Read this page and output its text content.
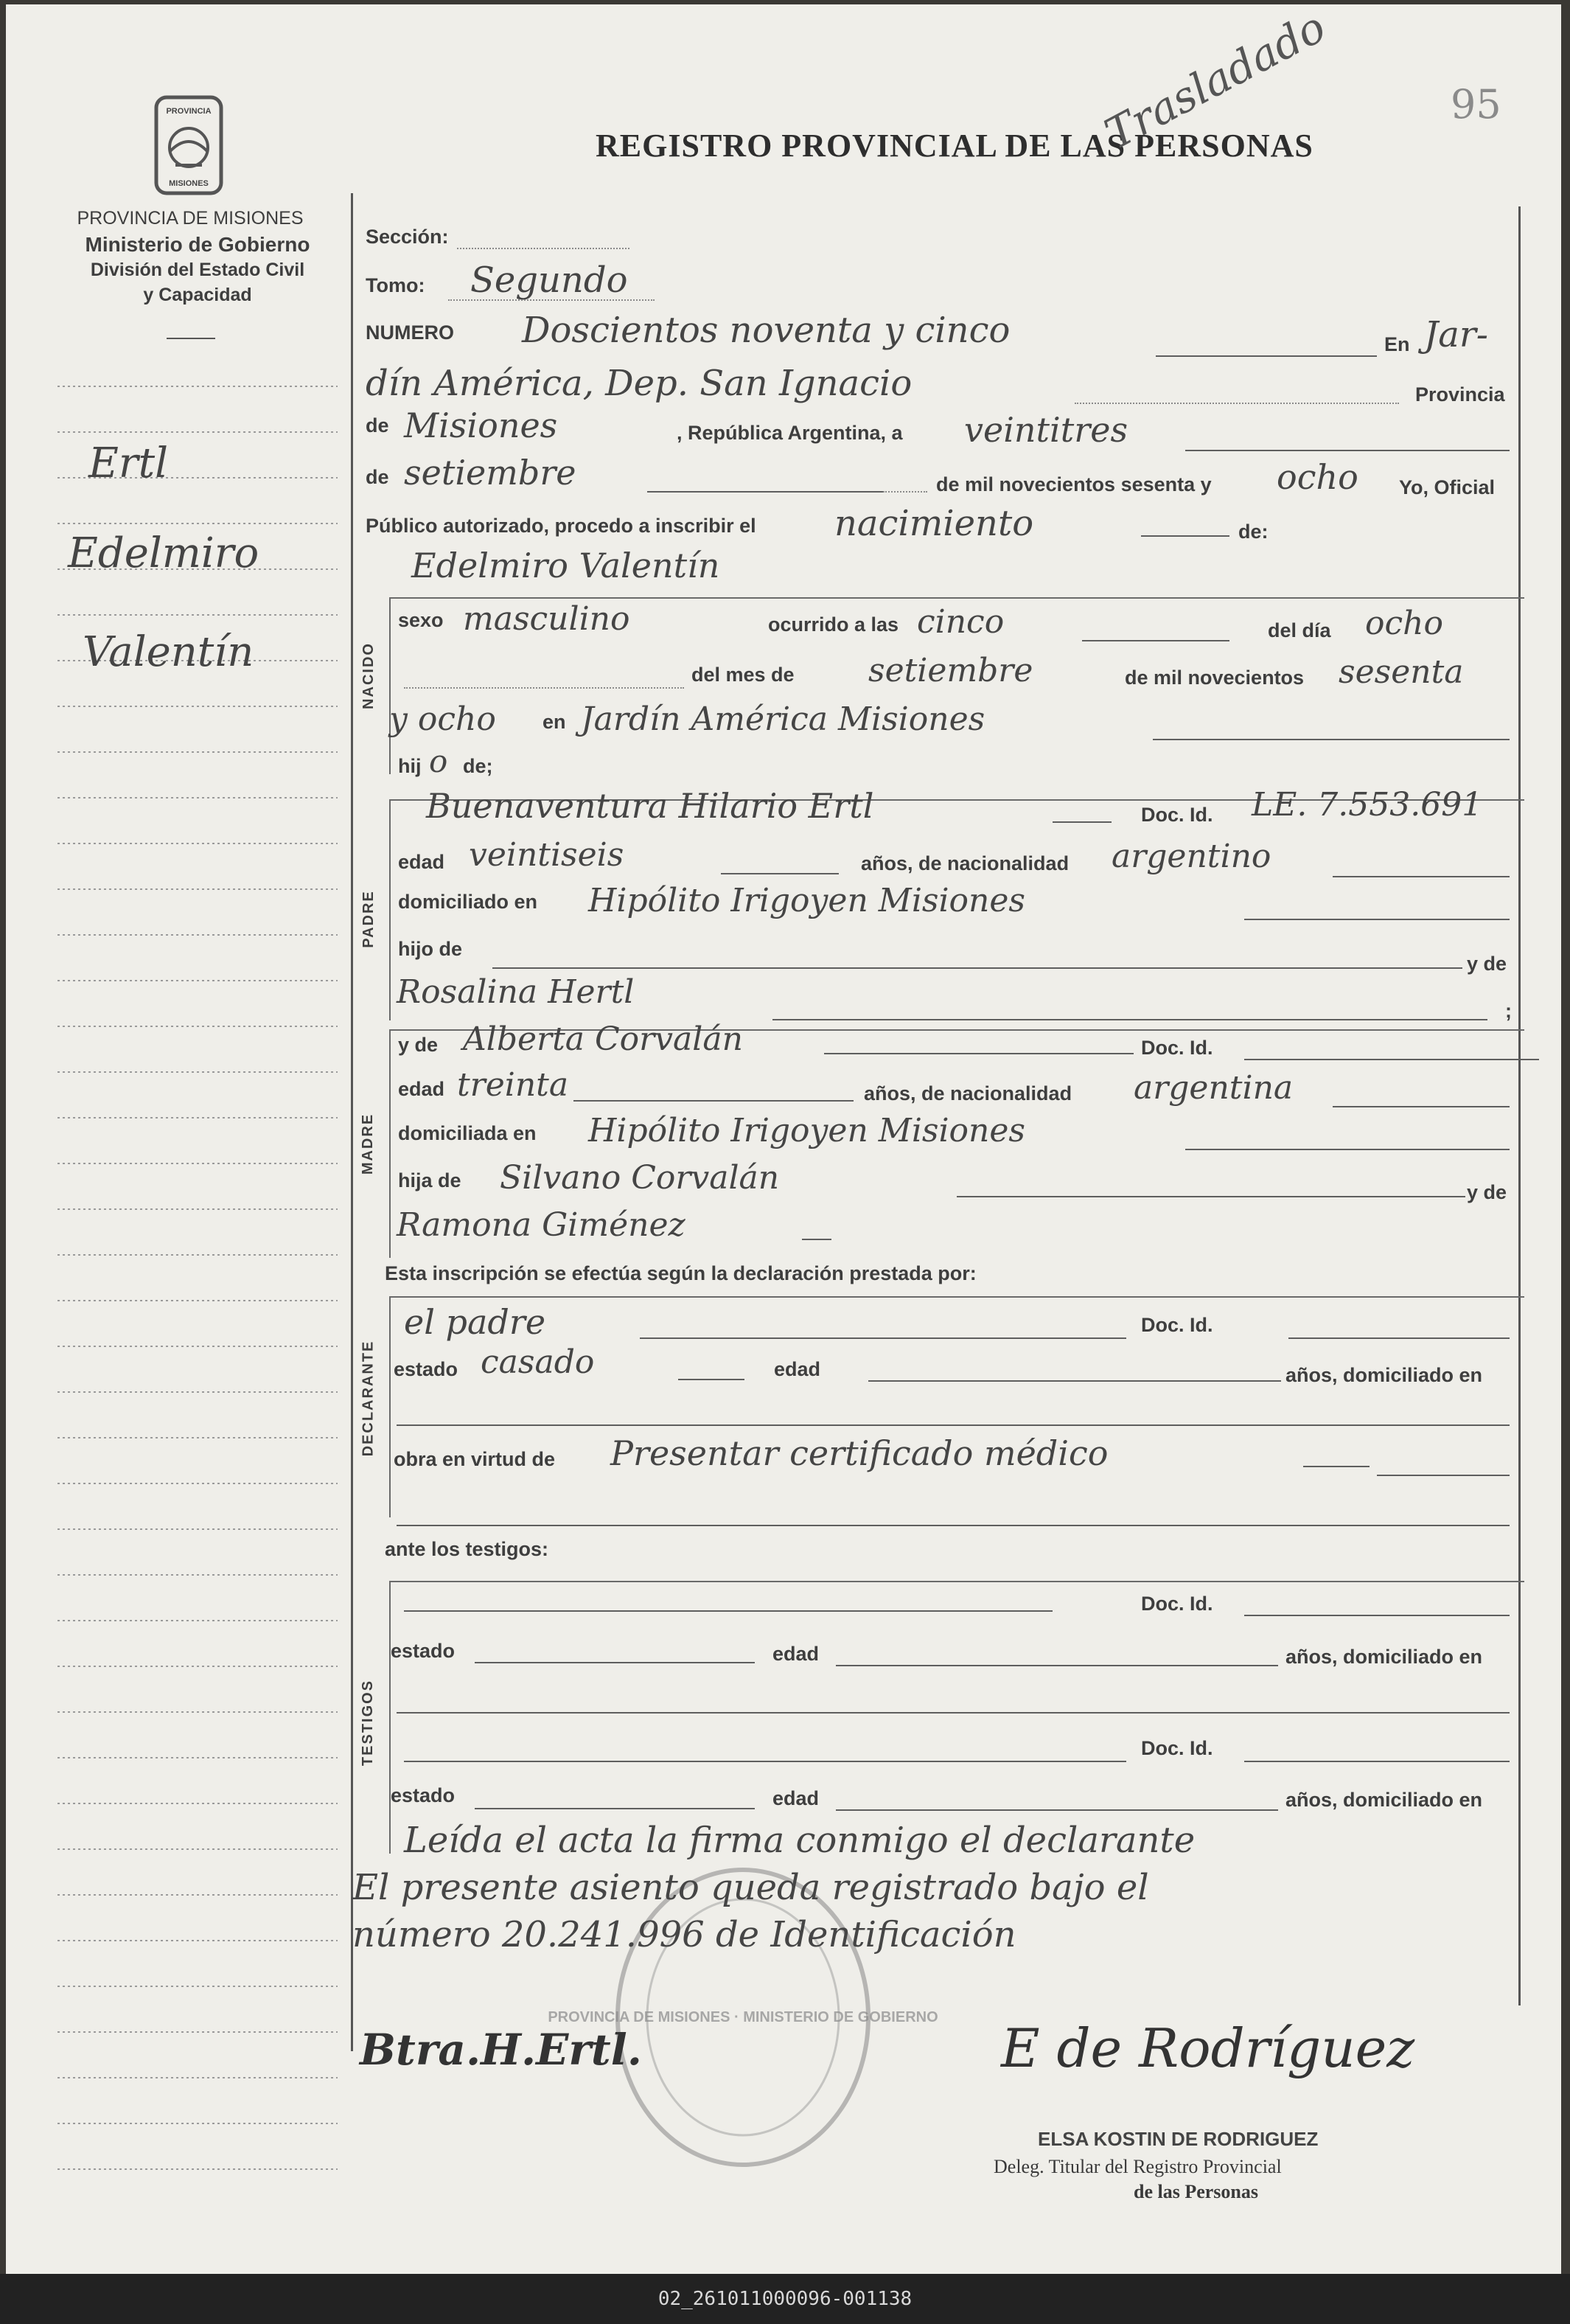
PROVINCIA
MISIONES
PROVINCIA DE MISIONES
Ministerio de Gobierno
División del Estado Civil
y Capacidad
REGISTRO PROVINCIAL DE LAS PERSONAS
95
Trasladado
Ertl
Edelmiro
Valentín	NACIDO
PADRE
MADRE
DECLARANTE
TESTIGOS
Sección:
Tomo: Segundo
NUMERO Doscientos noventa y cinco	En Jar-
dín América, Dep. San Ignacio	Provincia
de Misiones	, República Argentina, a veintitres
de setiembre	de mil novecientos sesenta y ocho Yo, Oficial
Público autorizado, procedo a inscribir el nacimiento	de:
Edelmiro Valentín
sexo masculino	ocurrido a las cinco	del día ocho
del mes de setiembre	de mil novecientos sesenta
y ocho en Jardín América Misiones
hij o de;
Buenaventura Hilario Ertl	Doc. Id. LE. 7.553.691
edad veintiseis	años, de nacionalidad argentino
domiciliado en Hipólito Irigoyen Misiones
hijo de
y de
Rosalina Hertl	;
y de Alberta Corvalán	Doc. Id.
edad treinta	años, de nacionalidad argentina
domiciliada en Hipólito Irigoyen Misiones
hija de Silvano Corvalán	y de
Ramona Giménez
Esta inscripción se efectúa según la declaración prestada por:
el padre	Doc. Id.
estado casado	edad	años, domiciliado en
obra en virtud de Presentar certificado médico
ante los testigos:
Doc. Id.
estado	edad	años, domiciliado en
Doc. Id.
estado	edad	años, domiciliado en
PROVINCIA DE MISIONES · MINISTERIO DE GOBIERNO
Leída el acta la firma conmigo el declarante
El presente asiento queda registrado bajo el
número 20.241.996 de Identificación
Btra.H.Ertl.	E de Rodríguez
ELSA KOSTIN DE RODRIGUEZ
Deleg. Titular del Registro Provincial
de las Personas
02_261011000096-001138
